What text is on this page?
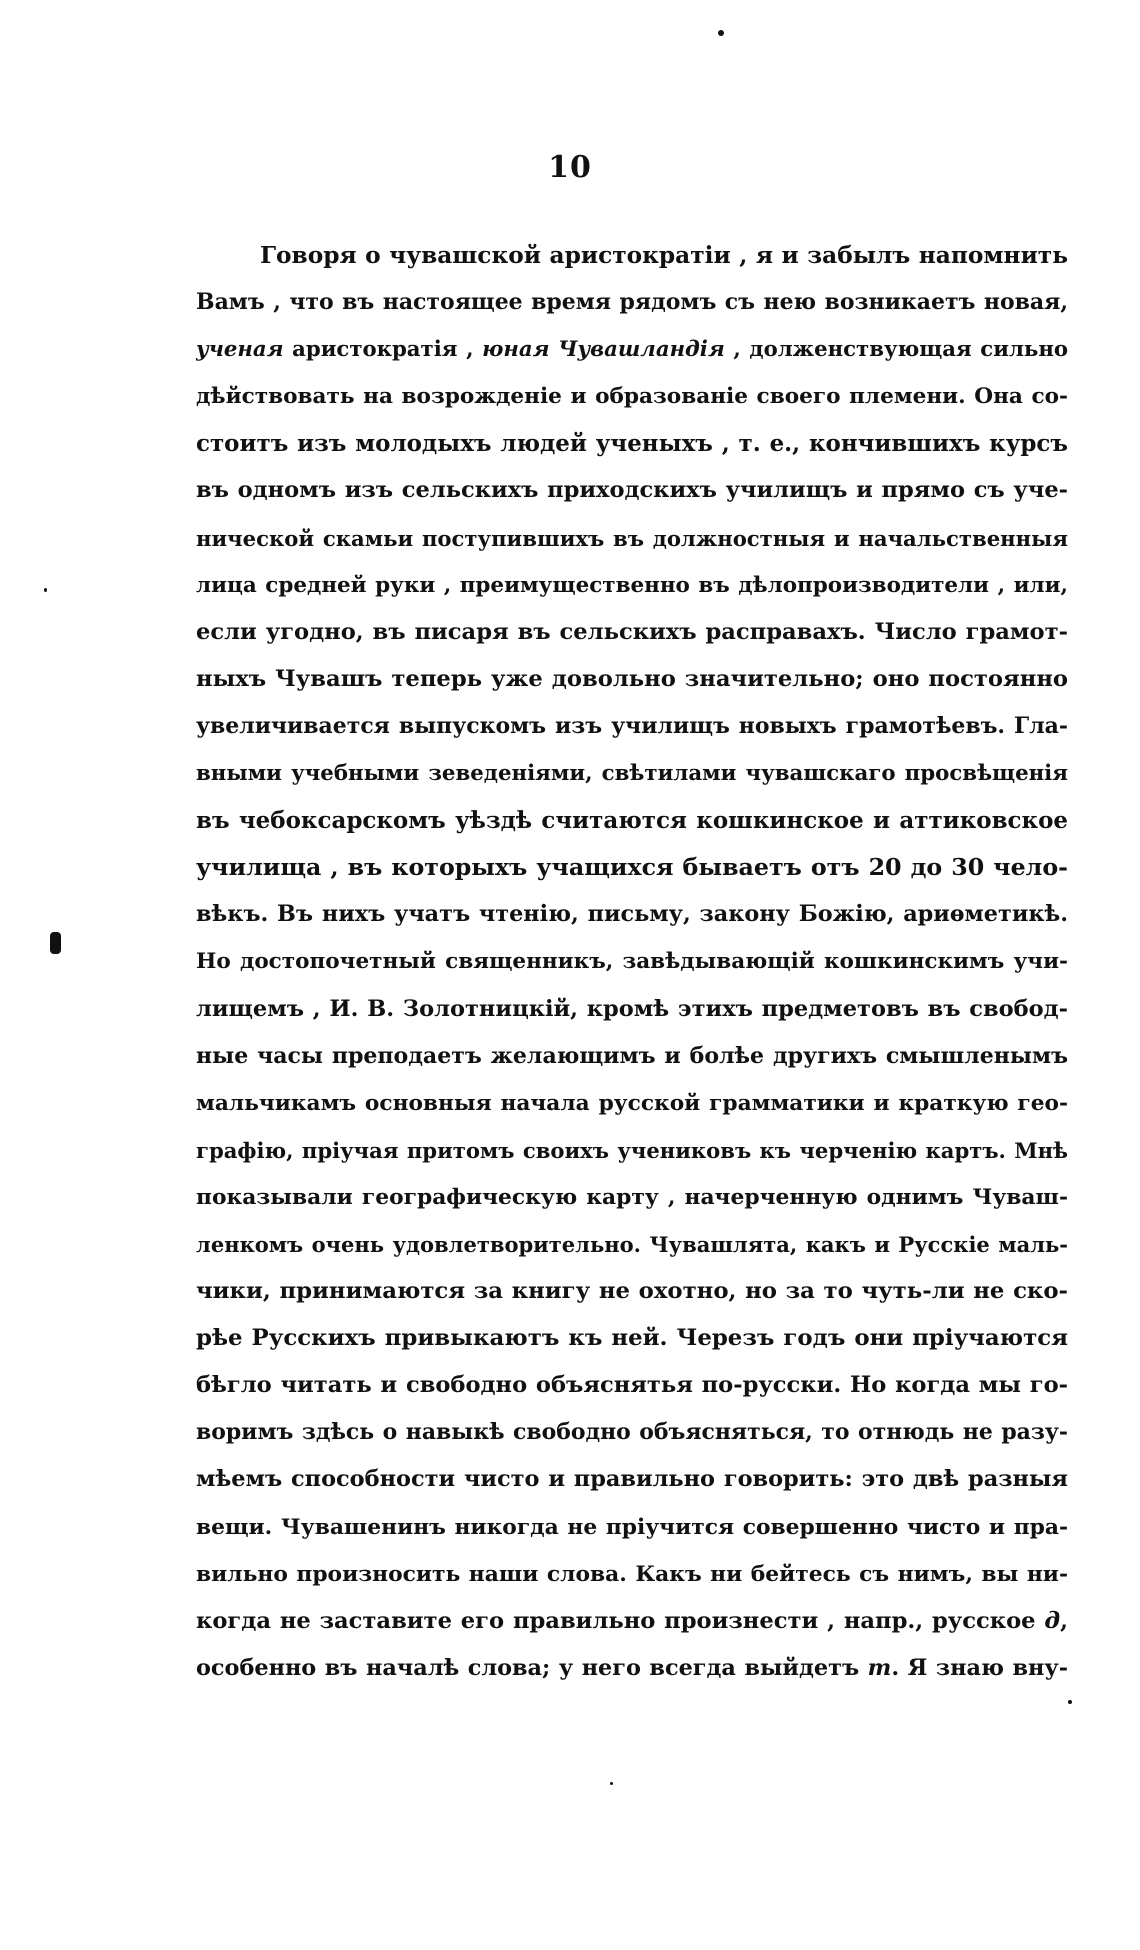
10
Говоря о чувашской аристократіи , я и забылъ напомнить
Вамъ , что въ настоящее время рядомъ съ нею возникаетъ новая,
ученая аристократія , юная Чувашландія , долженствующая сильно
дѣйствовать на возрожденіе и образованіе своего племени. Она со-
стоитъ изъ молодыхъ людей ученыхъ , т. е., кончившихъ курсъ
въ одномъ изъ сельскихъ приходскихъ училищъ и прямо съ уче-
нической скамьи поступившихъ въ должностныя и начальственныя
лица средней руки , преимущественно въ дѣлопроизводители , или,
если угодно, въ писаря въ сельскихъ расправахъ. Число грамот-
ныхъ Чувашъ теперь уже довольно значительно; оно постоянно
увеличивается выпускомъ изъ училищъ новыхъ грамотѣевъ. Гла-
вными учебными зеведеніями, свѣтилами чувашскаго просвѣщенія
въ чебоксарскомъ уѣздѣ считаются кошкинское и аттиковское
училища , въ которыхъ учащихся бываетъ отъ 20 до 30 чело-
вѣкъ. Въ нихъ учатъ чтенію, письму, закону Божію, ариѳметикѣ.
Но достопочетный священникъ, завѣдывающій кошкинскимъ учи-
лищемъ , И. В. Золотницкій, кромѣ этихъ предметовъ въ свобод-
ные часы преподаетъ желающимъ и болѣе другихъ смышленымъ
мальчикамъ основныя начала русской грамматики и краткую гео-
графію, пріучая притомъ своихъ учениковъ къ черченію картъ. Мнѣ
показывали географическую карту , начерченную однимъ Чуваш-
ленкомъ очень удовлетворительно. Чувашлята, какъ и Русскіе маль-
чики, принимаются за книгу не охотно, но за то чуть-ли не ско-
рѣе Русскихъ привыкаютъ къ ней. Черезъ годъ они пріучаются
бѣгло читать и свободно объяснятья по-русски. Но когда мы го-
воримъ здѣсь о навыкѣ свободно объясняться, то отнюдь не разу-
мѣемъ способности чисто и правильно говорить: это двѣ разныя
вещи. Чувашенинъ никогда не пріучится совершенно чисто и пра-
вильно произносить наши слова. Какъ ни бейтесь съ нимъ, вы ни-
когда не заставите его правильно произнести , напр., русское д,
особенно въ началѣ слова; у него всегда выйдетъ т. Я знаю вну-
